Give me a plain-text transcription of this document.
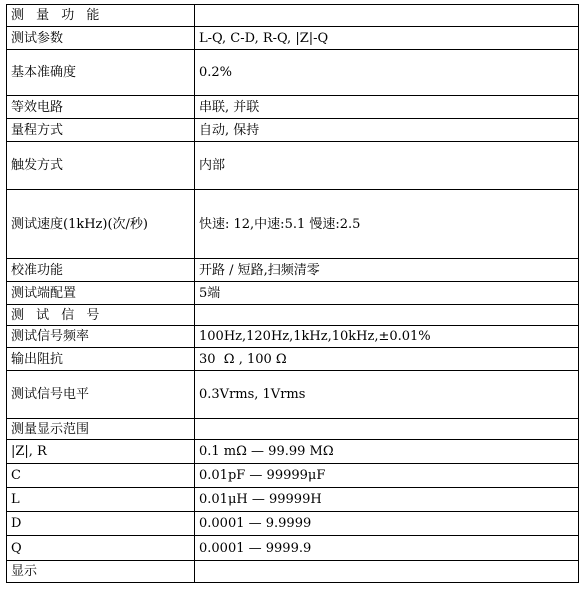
测 量 功 能	
测试参数	L-Q, C-D, R-Q, |Z|-Q
基本准确度	0.2%
等效电路	串联, 并联
量程方式	自动, 保持
触发方式	内部
测试速度(1kHz)(次/秒)	快速: 12,中速:5.1 慢速:2.5
校准功能	开路 / 短路,扫频清零
测试端配置	5端
测 试 信 号	
测试信号频率	100Hz,120Hz,1kHz,10kHz,±0.01%
输出阻抗	30  Ω , 100 Ω
测试信号电平	0.3Vrms, 1Vrms
测量显示范围	
|Z|, R	0.1 mΩ — 99.99 MΩ
C	0.01pF — 99999μF
L	0.01μH — 99999H
D	0.0001 — 9.9999
Q	0.0001 — 9999.9
显示	
